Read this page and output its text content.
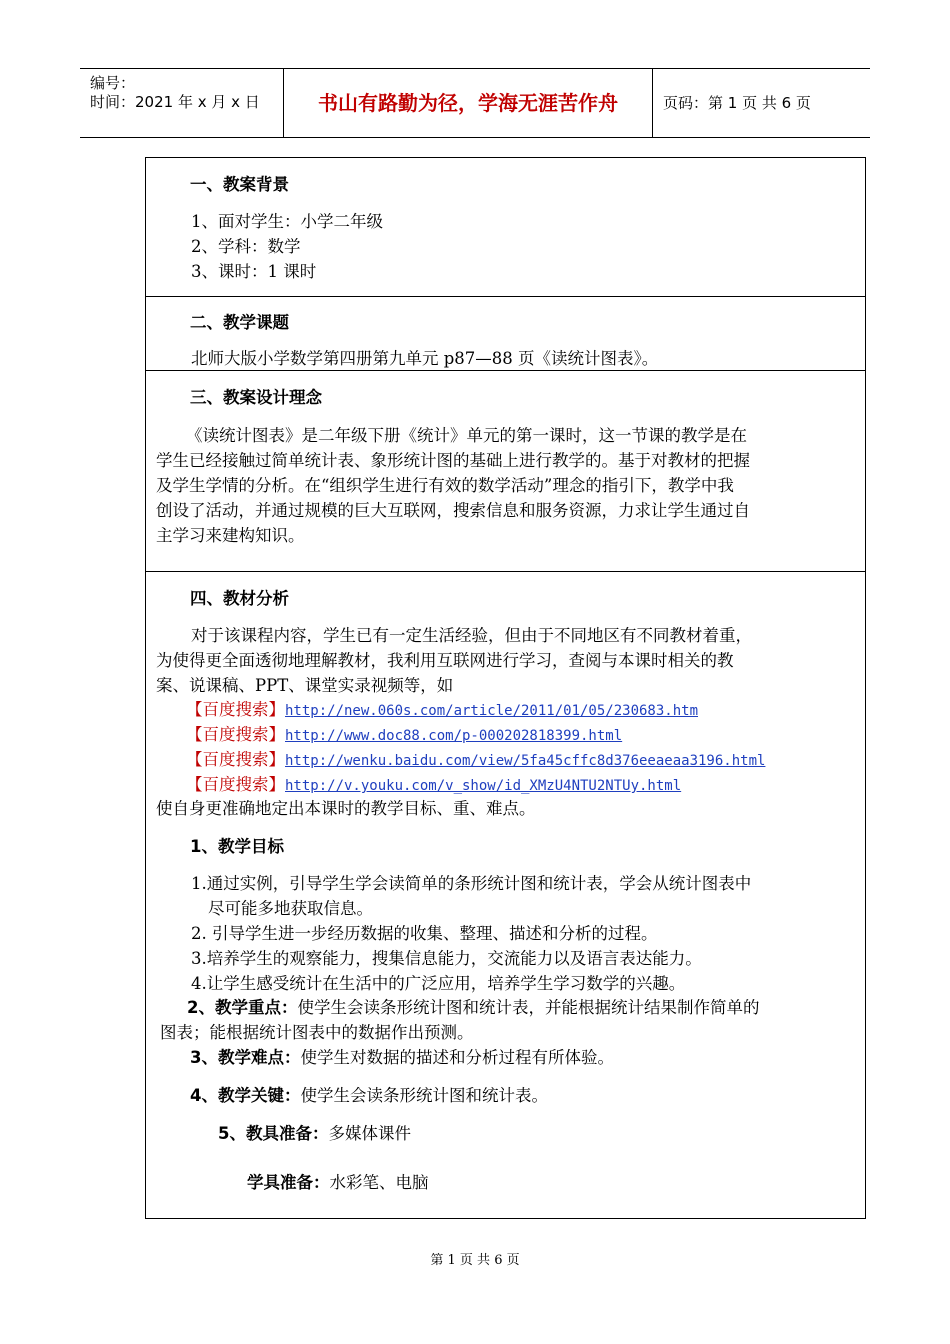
编号：
时间：2021 年 x 月 x 日	书山有路勤为径，学海无涯苦作舟	页码：第 1 页 共 6 页
一、教案背景
1、面对学生：小学二年级
2、学科：数学
3、课时：1 课时
二、教学课题
北师大版小学数学第四册第九单元 p87—88 页《读统计图表》。
三、教案设计理念
《读统计图表》是二年级下册《统计》单元的第一课时，这一节课的教学是在
学生已经接触过简单统计表、象形统计图的基础上进行教学的。基于对教材的把握
及学生学情的分析。在“组织学生进行有效的数学活动”理念的指引下，教学中我
创设了活动，并通过规模的巨大互联网，搜索信息和服务资源，力求让学生通过自
主学习来建构知识。
四、教材分析
对于该课程内容，学生已有一定生活经验，但由于不同地区有不同教材着重，
为使得更全面透彻地理解教材，我利用互联网进行学习，查阅与本课时相关的教
案、说课稿、PPT、课堂实录视频等，如
【百度搜索】http://new.060s.com/article/2011/01/05/230683.htm
【百度搜索】http://www.doc88.com/p-000202818399.html
【百度搜索】http://wenku.baidu.com/view/5fa45cffc8d376eeaeaa3196.html
【百度搜索】http://v.youku.com/v_show/id_XMzU4NTU2NTUy.html
使自身更准确地定出本课时的教学目标、重、难点。
1、教学目标
1.通过实例，引导学生学会读简单的条形统计图和统计表，学会从统计图表中
尽可能多地获取信息。
2. 引导学生进一步经历数据的收集、整理、描述和分析的过程。
3.培养学生的观察能力，搜集信息能力，交流能力以及语言表达能力。
4.让学生感受统计在生活中的广泛应用，培养学生学习数学的兴趣。
2、教学重点：使学生会读条形统计图和统计表，并能根据统计结果制作简单的
图表；能根据统计图表中的数据作出预测。
3、教学难点：使学生对数据的描述和分析过程有所体验。
4、教学关键：使学生会读条形统计图和统计表。
5、教具准备：多媒体课件
学具准备：水彩笔、电脑
第 1 页 共 6 页
